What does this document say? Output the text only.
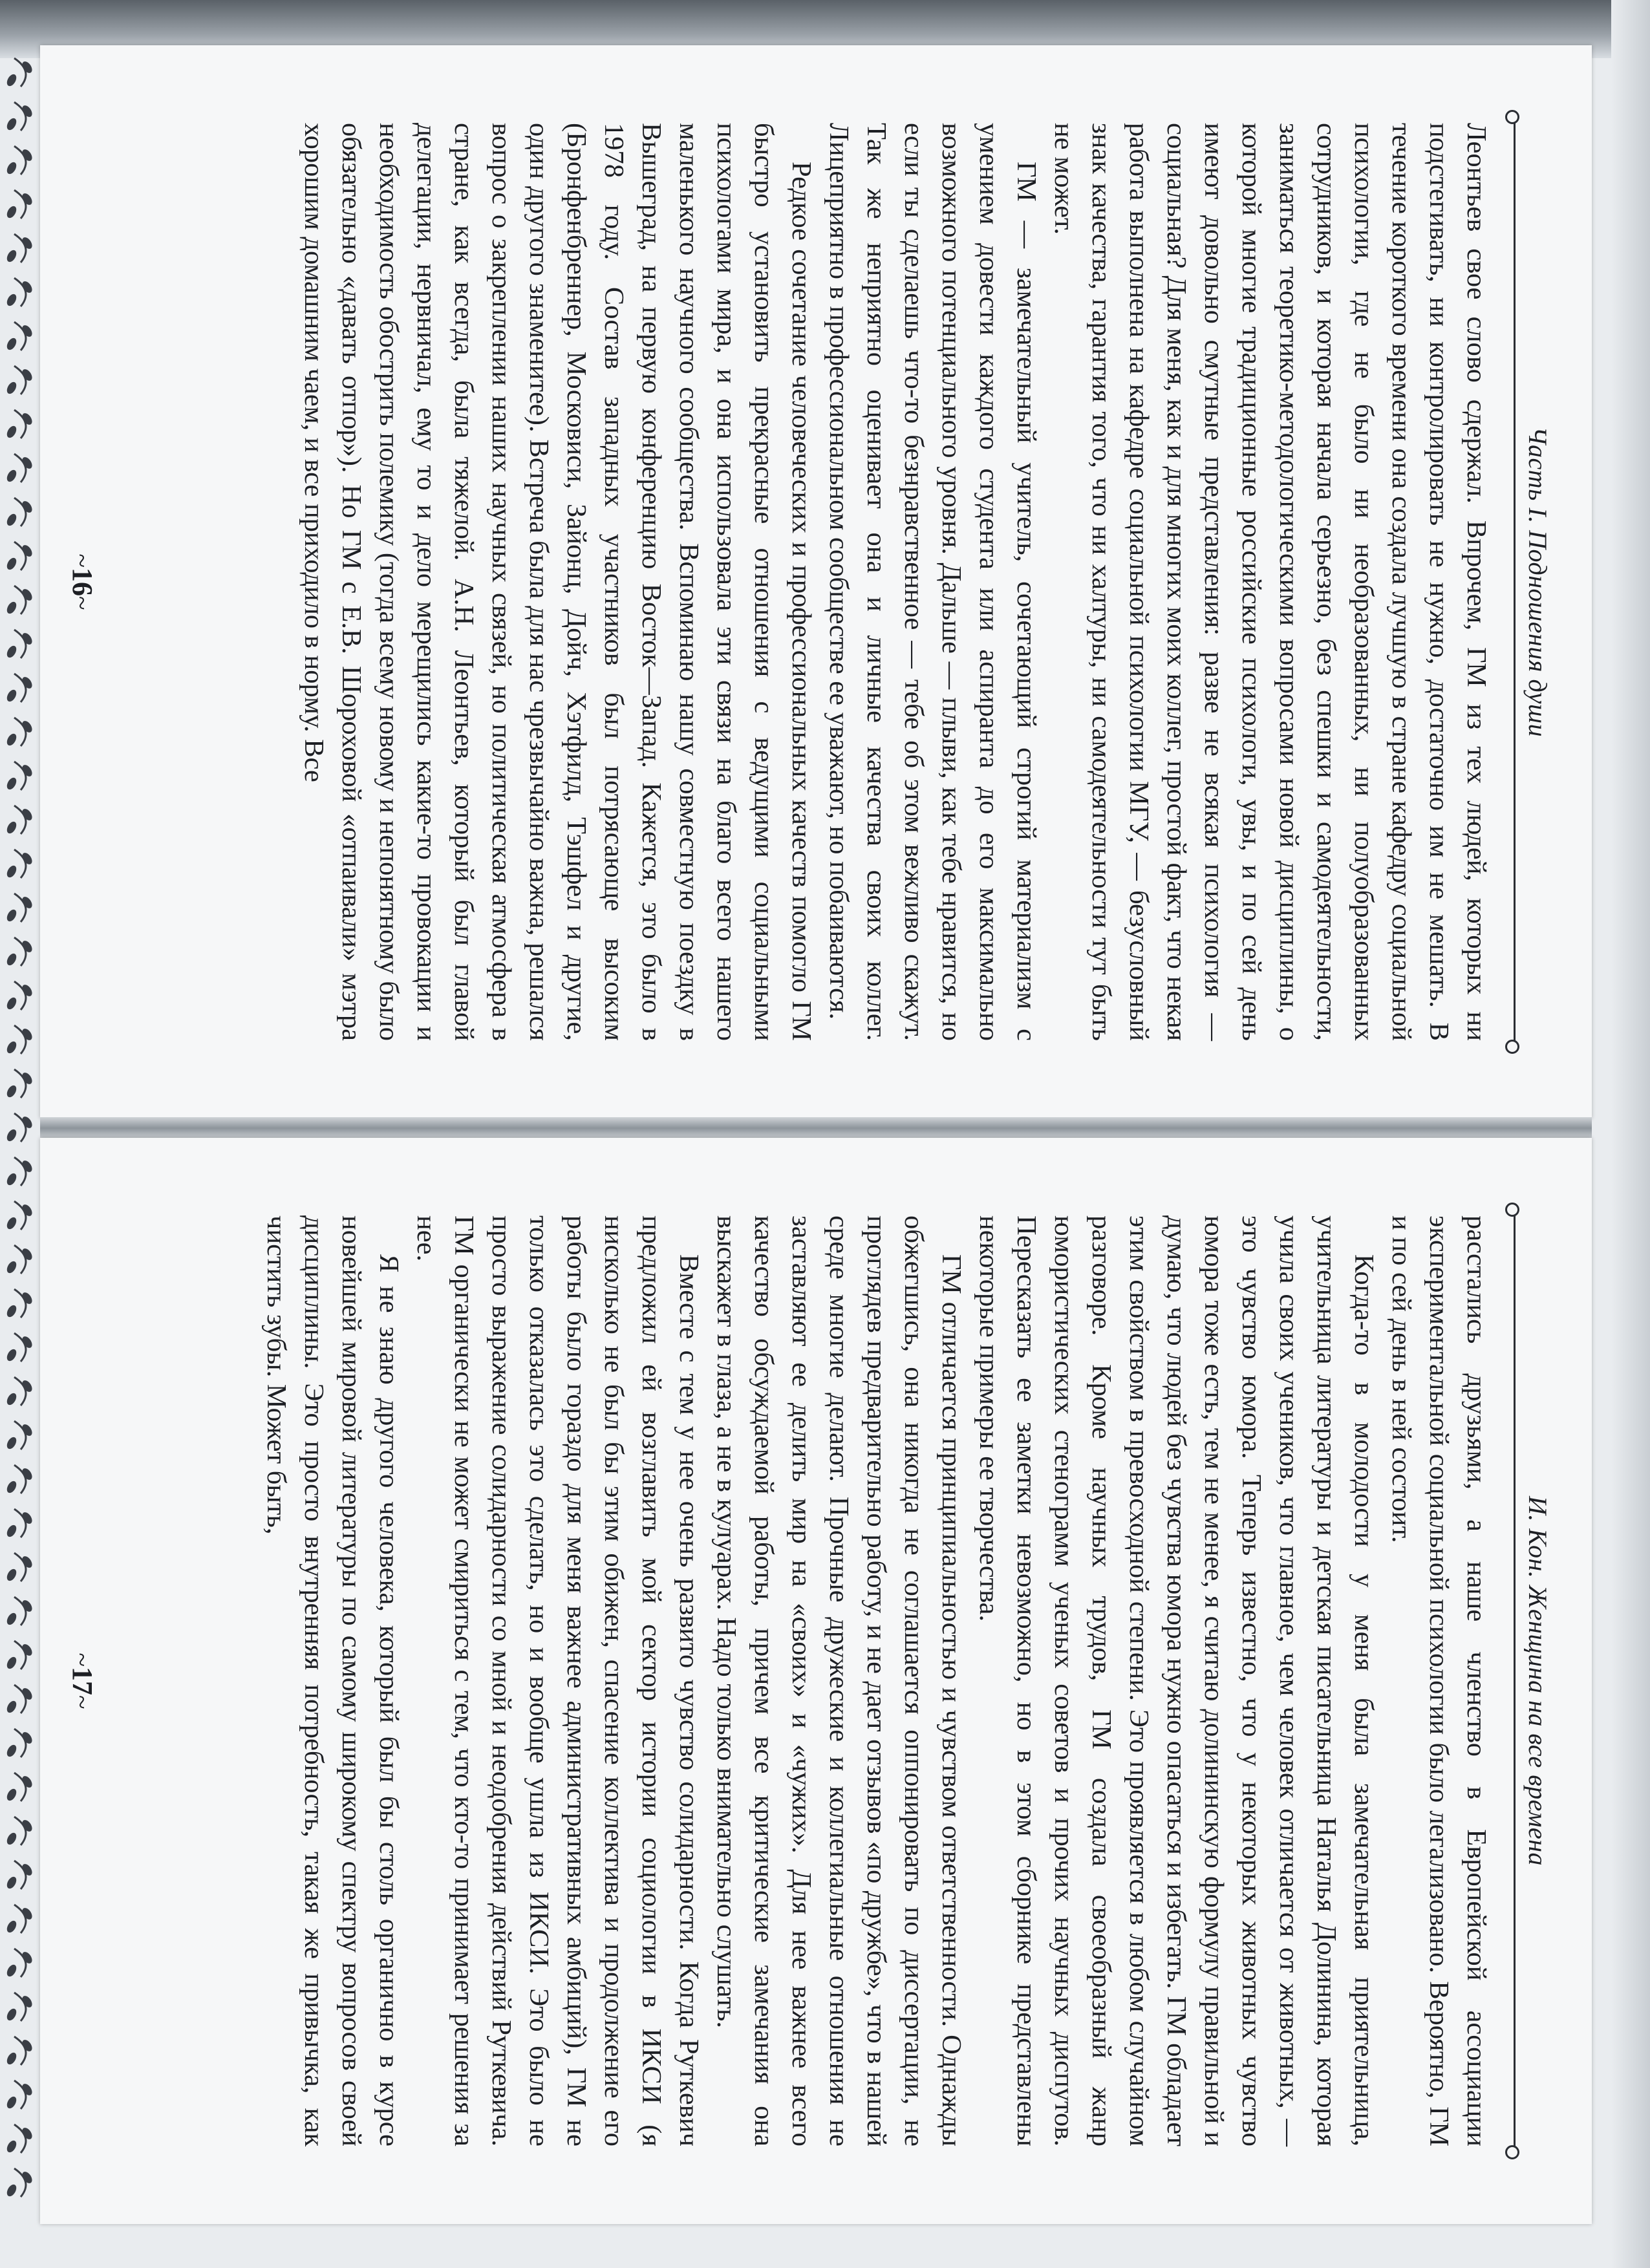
Часть I. Подношения души

Леонтьев свое слово сдержал. Впрочем, ГМ из тех людей, которых ни подстегивать, ни контролировать не нужно, достаточно им не мешать. В течение короткого времени она создала лучшую в стране кафедру социальной психологии, где не было ни необразованных, ни полуобразованных сотрудников, и которая начала серьезно, без спешки и самодеятельности, заниматься теоретико-методологическими вопросами новой дисциплины, о которой многие традиционные российские психологи, увы, и по сей день имеют довольно смутные представления: разве не всякая психология — социальная? Для меня, как и для многих моих коллег, простой факт, что некая работа выполнена на кафедре социальной психологии МГУ, — безусловный знак качества, гарантия того, что ни халтуры, ни самодеятельности тут быть не может.

ГМ — замечательный учитель, сочетающий строгий материализм с умением довести каждого студента или аспиранта до его максимально возможного потенциального уровня. Дальше — плыви, как тебе нравится, но если ты сделаешь что-то безнравственное — тебе об этом вежливо скажут. Так же неприятно оценивает она и личные качества своих коллег. Лицеприятно в профессиональном сообществе ее уважают, но побаиваются.

Редкое сочетание человеческих и профессиональных качеств помогло ГМ быстро установить прекрасные отношения с ведущими социальными психологами мира, и она использовала эти связи на благо всего нашего маленького научного сообщества. Вспоминаю нашу совместную поездку в Вышеград, на первую конференцию Восток—Запад. Кажется, это было в 1978 году. Состав западных участников был потрясающе высоким (Бронфенбреннер, Московиси, Зайонц, Дойч, Хэтфилд, Тэшфел и другие, один другого знаменитее). Встреча была для нас чрезвычайно важна, решался вопрос о закреплении наших научных связей, но политическая атмосфера в стране, как всегда, была тяжелой. А.Н. Леонтьев, который был главой делегации, нервничал, ему то и дело мерещились какие-то провокации и необходимость обострить полемику (тогда всему новому и непонятному было обязательно «давать отпор»). Но ГМ с Е.В. Шороховой «отпаивали» мэтра хорошим домашним чаем, и все приходило в норму. Все

~16~
И. Кон. Женщина на все времена

расстались друзьями, а наше членство в Европейской ассоциации экспериментальной социальной психологии было легализовано. Вероятно, ГМ и по сей день в ней состоит.

Когда-то в молодости у меня была замечательная приятельница, учительница литературы и детская писательница Наталья Долинина, которая учила своих учеников, что главное, чем человек отличается от животных, — это чувство юмора. Теперь известно, что у некоторых животных чувство юмора тоже есть, тем не менее, я считаю долининскую формулу правильной и думаю, что людей без чувства юмора нужно опасаться и избегать. ГМ обладает этим свойством в превосходной степени. Это проявляется в любом случайном разговоре. Кроме научных трудов, ГМ создала своеобразный жанр юмористических стенограмм ученых советов и прочих научных диспутов. Пересказать ее заметки невозможно, но в этом сборнике представлены некоторые примеры ее творчества.

ГМ отличается принципиальностью и чувством ответственности. Однажды обжегшись, она никогда не соглашается оппонировать по диссертации, не проглядев предварительно работу, и не дает отзывов «по дружбе», что в нашей среде многие делают. Прочные дружеские и коллегиальные отношения не заставляют ее делить мир на «своих» и «чужих». Для нее важнее всего качество обсуждаемой работы, причем все критические замечания она выскажет в глаза, а не в кулуарах. Надо только внимательно слушать.

Вместе с тем у нее очень развито чувство солидарности. Когда Руткевич предложил ей возглавить мой сектор истории социологии в ИКСИ (я нисколько не был бы этим обижен, спасение коллектива и продолжение его работы было гораздо для меня важнее административных амбиций), ГМ не только отказалась это сделать, но и вообще ушла из ИКСИ. Это было не просто выражение солидарности со мной и неодобрения действий Руткевича. ГМ органически не может смириться с тем, что кто-то принимает решения за нее.

Я не знаю другого человека, который был бы столь органично в курсе новейшей мировой литературы по самому широкому спектру вопросов своей дисциплины. Это просто внутренняя потребность, такая же привычка, как чистить зубы. Может быть,

~17~
